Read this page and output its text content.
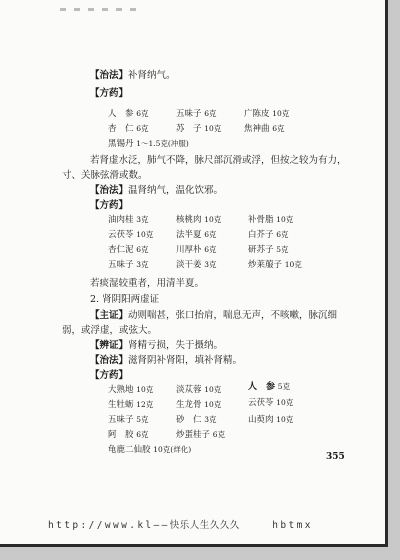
【治法】补肾纳气。
【方药】
人　参 6克	五味子 6克	广陈皮 10克
杏　仁 6克	苏　子 10克	焦神曲 6克
黑锡丹 1～1.5克(冲服)
若肾虚水泛，肺气不降，脉尺部沉滑或浮，但按之较为有力，
寸、关脉弦滑或数。
【治法】温肾纳气，温化饮邪。
【方药】
油肉桂 3克	核桃肉 10克	补骨脂 10克
云茯苓 10克	法半夏 6克	白芥子 6克
杏仁泥 6克	川厚朴 6克	研苏子 5克
五味子 3克	淡干姜 3克	炒莱菔子 10克
若痰湿较重者，用清半夏。
2. 肾阴阳两虚证
【主证】动则喘甚，张口抬肩，喘息无声，不咳嗽，脉沉细
弱，或浮虚，或弦大。
【辨证】肾精亏损，失于摄纳。
【治法】滋肾阴补肾阳，填补肾精。
【方药】
大熟地 10克	淡苁蓉 10克	人　参 5克
生牡蛎 12克	生龙骨 10克	云茯苓 10克
五味子 5克	砂　仁 3克	山萸肉 10克
阿　胶 6克	炒蛋桂子 6克
龟鹿二仙胶 10克(烊化)
355
http://www.kl——快乐人生久久久	hbtmx
